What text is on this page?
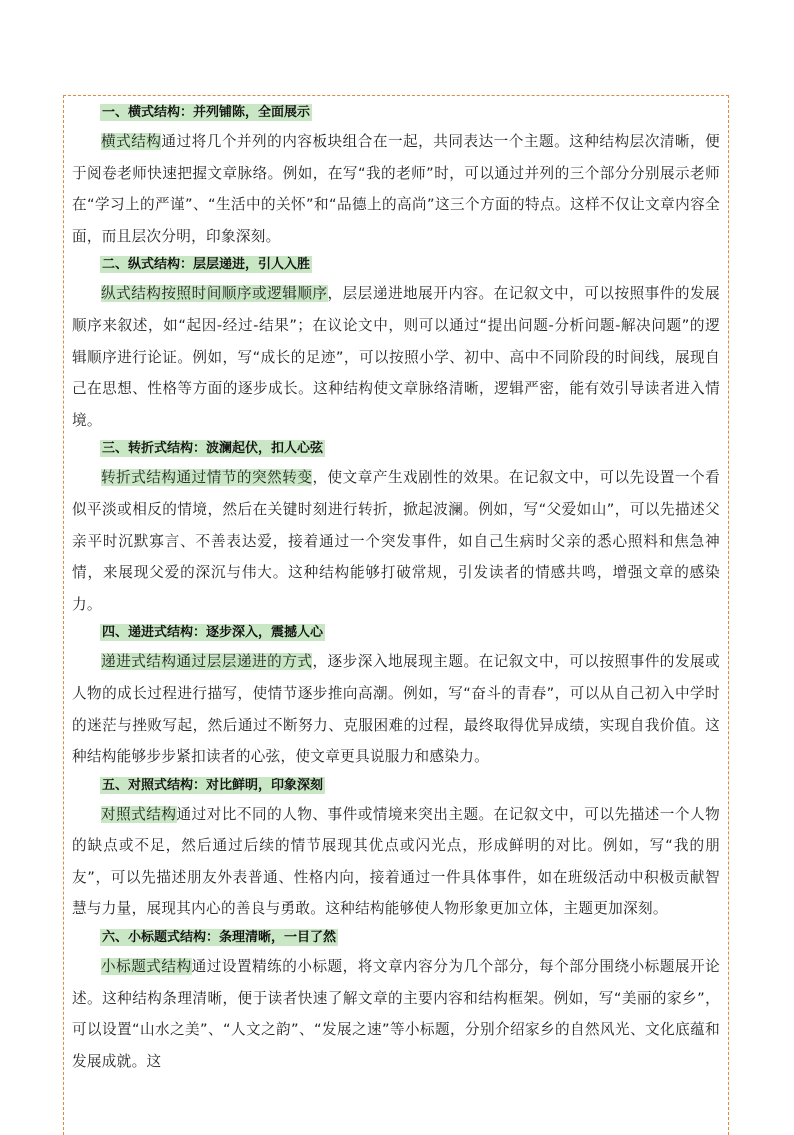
一、横式结构：并列铺陈，全面展示

横式结构通过将几个并列的内容板块组合在一起，共同表达一个主题。这种结构层次清晰，便于阅卷老师快速把握文章脉络。例如，在写“我的老师”时，可以通过并列的三个部分分别展示老师在“学习上的严谨”、“生活中的关怀”和“品德上的高尚”这三个方面的特点。这样不仅让文章内容全面，而且层次分明，印象深刻。

二、纵式结构：层层递进，引人入胜

纵式结构按照时间顺序或逻辑顺序，层层递进地展开内容。在记叙文中，可以按照事件的发展顺序来叙述，如“起因-经过-结果”；在议论文中，则可以通过“提出问题-分析问题-解决问题”的逻辑顺序进行论证。例如，写“成长的足迹”，可以按照小学、初中、高中不同阶段的时间线，展现自己在思想、性格等方面的逐步成长。这种结构使文章脉络清晰，逻辑严密，能有效引导读者进入情境。

三、转折式结构：波澜起伏，扣人心弦

转折式结构通过情节的突然转变，使文章产生戏剧性的效果。在记叙文中，可以先设置一个看似平淡或相反的情境，然后在关键时刻进行转折，掀起波澜。例如，写“父爱如山”，可以先描述父亲平时沉默寡言、不善表达爱，接着通过一个突发事件，如自己生病时父亲的悉心照料和焦急神情，来展现父爱的深沉与伟大。这种结构能够打破常规，引发读者的情感共鸣，增强文章的感染力。

四、递进式结构：逐步深入，震撼人心

递进式结构通过层层递进的方式，逐步深入地展现主题。在记叙文中，可以按照事件的发展或人物的成长过程进行描写，使情节逐步推向高潮。例如，写“奋斗的青春”，可以从自己初入中学时的迷茫与挫败写起，然后通过不断努力、克服困难的过程，最终取得优异成绩，实现自我价值。这种结构能够步步紧扣读者的心弦，使文章更具说服力和感染力。

五、对照式结构：对比鲜明，印象深刻

对照式结构通过对比不同的人物、事件或情境来突出主题。在记叙文中，可以先描述一个人物的缺点或不足，然后通过后续的情节展现其优点或闪光点，形成鲜明的对比。例如，写“我的朋友”，可以先描述朋友外表普通、性格内向，接着通过一件具体事件，如在班级活动中积极贡献智慧与力量，展现其内心的善良与勇敢。这种结构能够使人物形象更加立体，主题更加深刻。

六、小标题式结构：条理清晰，一目了然

小标题式结构通过设置精练的小标题，将文章内容分为几个部分，每个部分围绕小标题展开论述。这种结构条理清晰，便于读者快速了解文章的主要内容和结构框架。例如，写“美丽的家乡”，可以设置“山水之美”、“人文之韵”、“发展之速”等小标题，分别介绍家乡的自然风光、文化底蕴和发展成就。这
